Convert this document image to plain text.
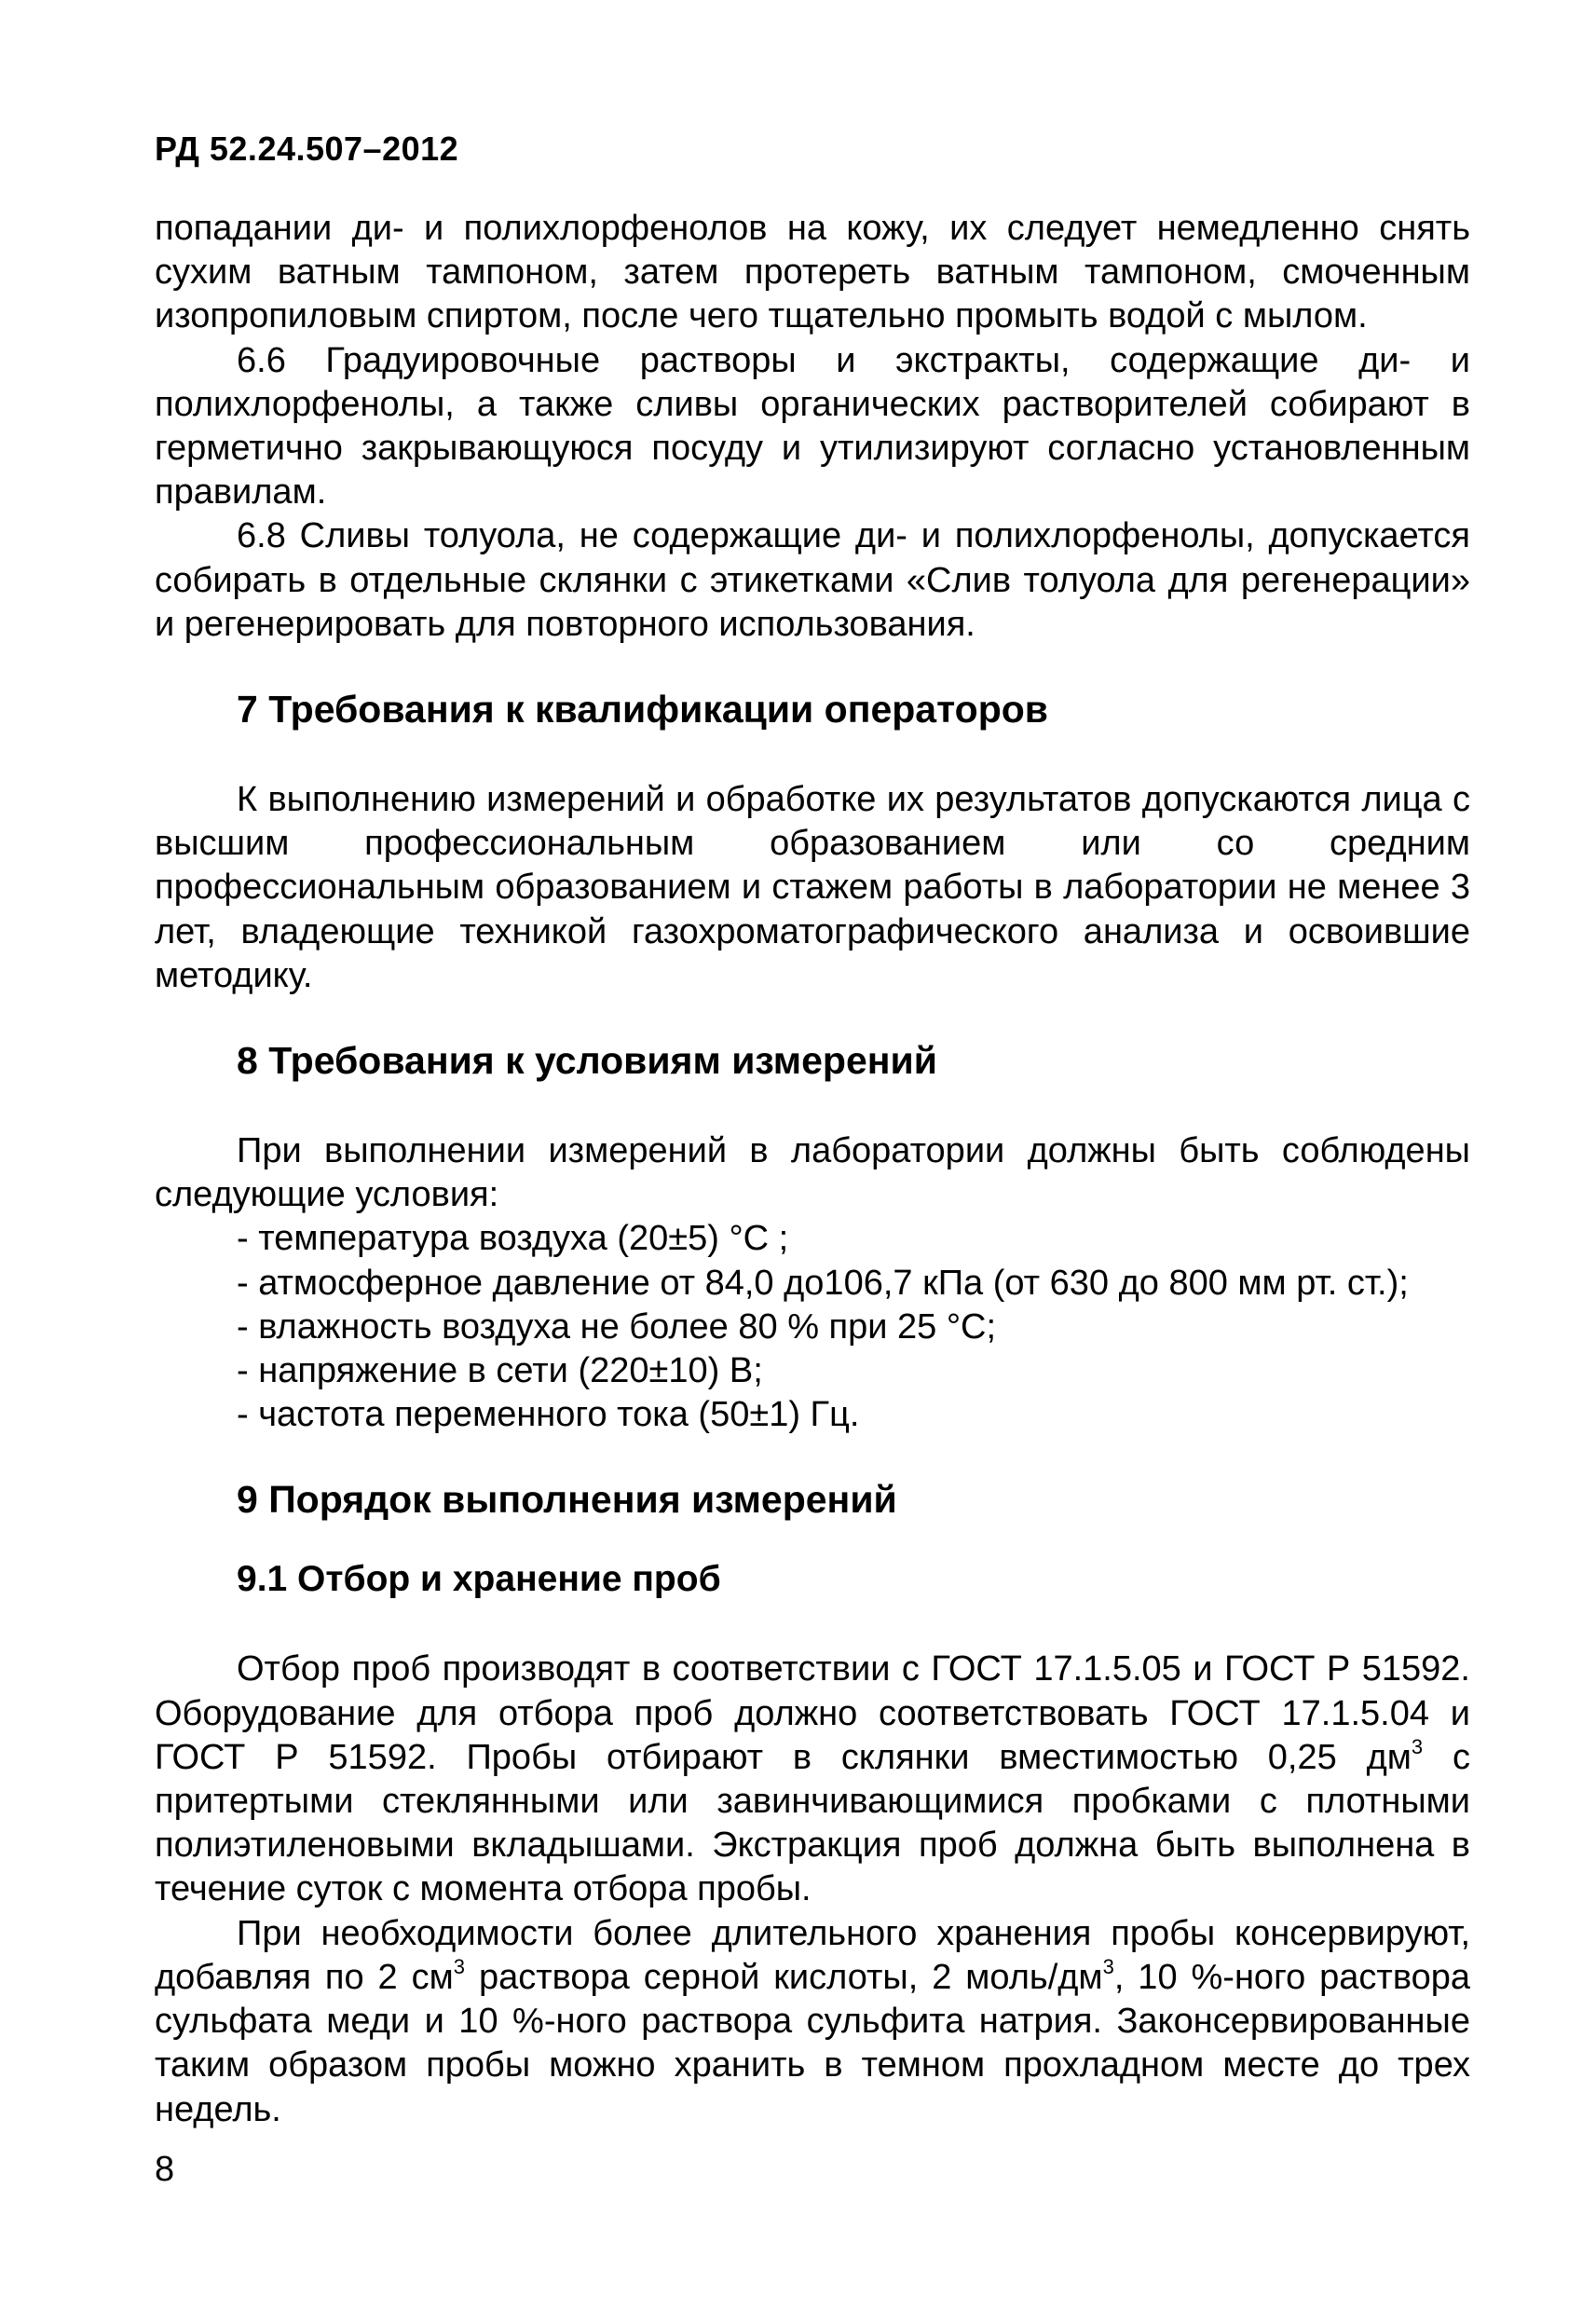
РД 52.24.507–2012

попадании ди- и полихлорфенолов на кожу, их следует немедленно снять сухим ватным тампоном, затем протереть ватным тампоном, смоченным изопропиловым спиртом, после чего тщательно промыть водой с мылом.

6.6 Градуировочные растворы и экстракты, содержащие ди- и полихлорфенолы, а также сливы органических растворителей собирают в герметично закрывающуюся посуду и утилизируют согласно установленным правилам.

6.8 Сливы толуола, не содержащие ди- и полихлорфенолы, допускается собирать в отдельные склянки с этикетками «Слив толуола для регенерации» и регенерировать для повторного использования.

7 Требования к квалификации операторов

К выполнению измерений и обработке их результатов допускаются лица с высшим профессиональным образованием или со средним профессиональным образованием и стажем работы в лаборатории не менее 3 лет, владеющие техникой газохроматографического анализа и освоившие методику.

8 Требования к условиям измерений

При выполнении измерений в лаборатории должны быть соблюдены следующие условия:

- температура воздуха (20±5) °С ;

- атмосферное давление от 84,0 до106,7 кПа (от 630 до 800 мм рт. ст.);

- влажность воздуха не более 80 % при 25 °С;

- напряжение в сети (220±10) В;

- частота переменного тока (50±1) Гц.

9 Порядок выполнения измерений
9.1 Отбор и хранение проб

Отбор проб производят в соответствии с ГОСТ 17.1.5.05 и ГОСТ Р 51592. Оборудование для отбора проб должно соответствовать ГОСТ 17.1.5.04 и ГОСТ Р 51592. Пробы отбирают в склянки вместимостью 0,25 $дм^3$ с притертыми стеклянными или завинчивающимися пробками с плотными полиэтиленовыми вкладышами. Экстракция проб должна быть выполнена в течение суток с момента отбора пробы.

При необходимости более длительного хранения пробы консервируют, добавляя по 2 $см^3$ раствора серной кислоты, 2 моль/$дм^3$, 10 %-ного раствора сульфата меди и 10 %-ного раствора сульфита натрия. Законсервированные таким образом пробы можно хранить в темном прохладном месте до трех недель.

8
